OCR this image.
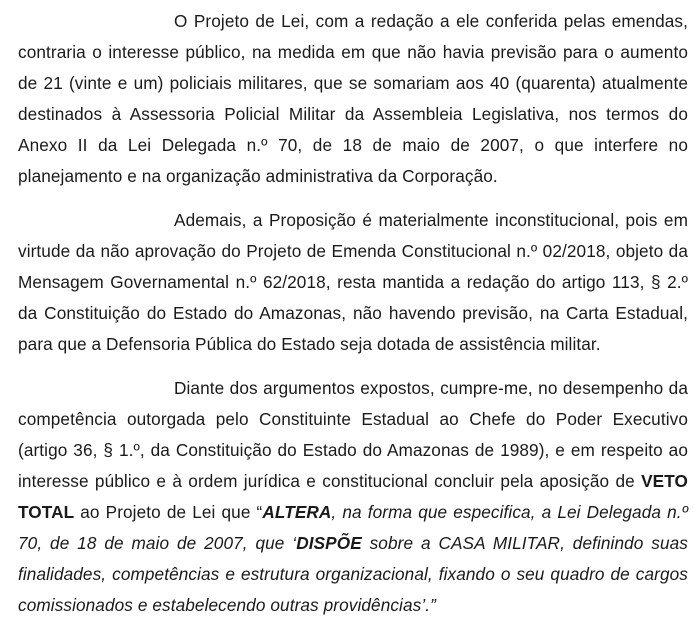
O Projeto de Lei, com a redação a ele conferida pelas emendas,
contraria o interesse público, na medida em que não havia previsão para o aumento
de 21 (vinte e um) policiais militares, que se somariam aos 40 (quarenta) atualmente
destinados à Assessoria Policial Militar da Assembleia Legislativa, nos termos do
Anexo II da Lei Delegada n.º 70, de 18 de maio de 2007, o que interfere no
planejamento e na organização administrativa da Corporação.

Ademais, a Proposição é materialmente inconstitucional, pois em
virtude da não aprovação do Projeto de Emenda Constitucional n.º 02/2018, objeto da
Mensagem Governamental n.º 62/2018, resta mantida a redação do artigo 113, § 2.º
da Constituição do Estado do Amazonas, não havendo previsão, na Carta Estadual,
para que a Defensoria Pública do Estado seja dotada de assistência militar.

Diante dos argumentos expostos, cumpre-me, no desempenho da
competência outorgada pelo Constituinte Estadual ao Chefe do Poder Executivo
(artigo 36, § 1.º, da Constituição do Estado do Amazonas de 1989), e em respeito ao
interesse público e à ordem jurídica e constitucional concluir pela aposição de VETO
TOTAL ao Projeto de Lei que “ALTERA, na forma que especifica, a Lei Delegada n.º
70, de 18 de maio de 2007, que ‘DISPÕE sobre a CASA MILITAR, definindo suas
finalidades, competências e estrutura organizacional, fixando o seu quadro de cargos
comissionados e estabelecendo outras providências’.”
